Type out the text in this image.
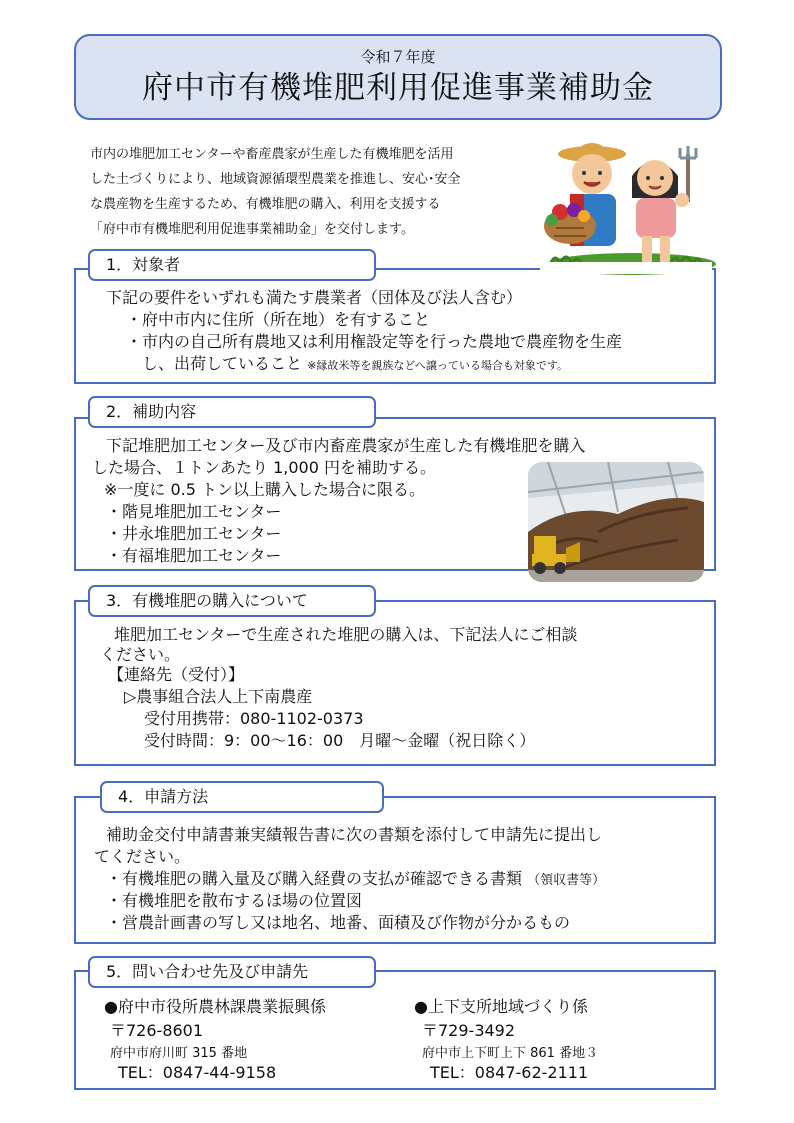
令和７年度
府中市有機堆肥利用促進事業補助金
市内の堆肥加工センターや畜産農家が生産した有機堆肥を活用
した土づくりにより、地域資源循環型農業を推進し、安心･安全
な農産物を生産するため、有機堆肥の購入、利用を支援する
「府中市有機堆肥利用促進事業補助金」を交付します。
1．対象者
下記の要件をいずれも満たす農業者（団体及び法人含む）
・府中市内に住所（所在地）を有すること
・市内の自己所有農地又は利用権設定等を行った農地で農産物を生産
し、出荷していること ※縁故米等を親族などへ譲っている場合も対象です。
2．補助内容
下記堆肥加工センター及び市内畜産農家が生産した有機堆肥を購入
した場合、１トンあたり 1,000 円を補助する。
※一度に 0.5 トン以上購入した場合に限る。
・階見堆肥加工センター
・井永堆肥加工センター
・有福堆肥加工センター
3．有機堆肥の購入について
堆肥加工センターで生産された堆肥の購入は、下記法人にご相談
ください。
【連絡先（受付）】
▷農事組合法人上下南農産
受付用携帯：080-1102-0373
受付時間：9：00～16：00　月曜～金曜（祝日除く）
4．申請方法
補助金交付申請書兼実績報告書に次の書類を添付して申請先に提出し
てください。
・有機堆肥の購入量及び購入経費の支払が確認できる書類 （領収書等）
・有機堆肥を散布するほ場の位置図
・営農計画書の写し又は地名、地番、面積及び作物が分かるもの
5．問い合わせ先及び申請先
●府中市役所農林課農業振興係
〒726-8601
府中市府川町 315 番地
TEL：0847-44-9158
●上下支所地域づくり係
〒729-3492
府中市上下町上下 861 番地３
TEL：0847-62-2111
